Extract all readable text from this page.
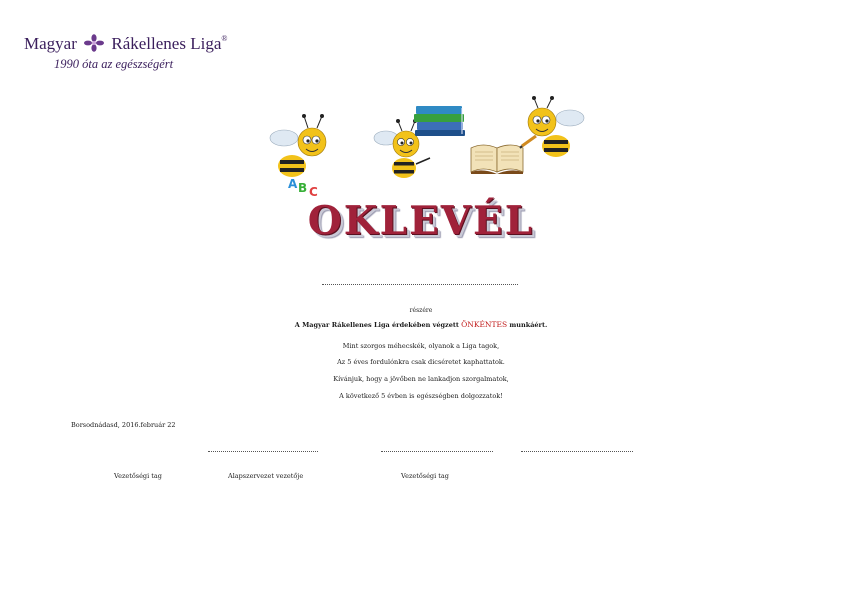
Magyar Rákellenes Liga®
1990 óta az egészségért
A B C
OKLEVÉL
részére
A Magyar Rákellenes Liga érdekében végzett ÖNKÉNTES munkáért.
Mint szorgos méhecskék, olyanok a Liga tagok,
Az 5 éves fordulónkra csak dicséretet kaphattatok.
Kívánjuk, hogy a jövőben ne lankadjon szorgalmatok,
A következő 5 évben is egészségben dolgozzatok!
Borsodnádasd, 2016.február 22
Vezetőségi tag	Alapszervezet vezetője	Vezetőségi tag
